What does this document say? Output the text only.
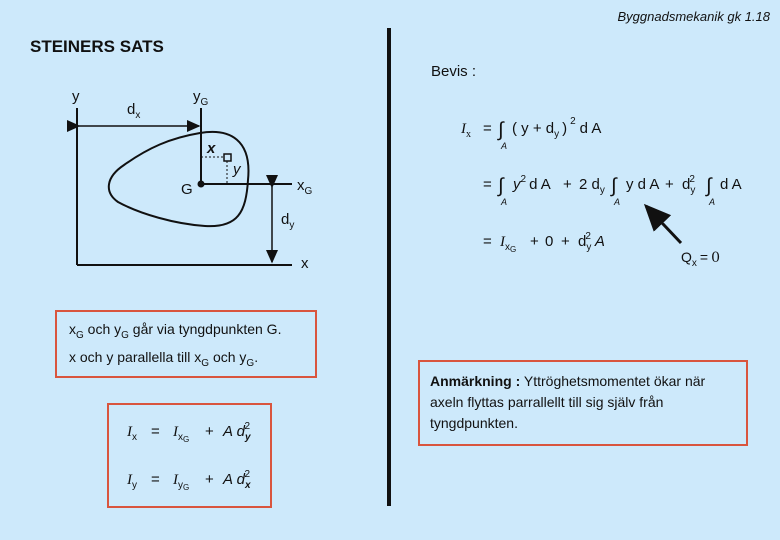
Byggnadsmekanik gk 1.18
STEINERS SATS
y	$y_G$
$d_x$
x
y
G	$x_G$
$d_y$
x
Bevis :
$I_x$ = ∫
A
( $y + d_y$ ) $^2$ d A
= ∫
A
$y^2$ d A + 2 $d_y$ ∫
A
y d $A + d_y2$ ∫
A
d A
= $I_xG + 0 + d_y2$ A
$Q_x = 0$
$x_G$ och $y_G$ går via tyngdpunkten G.
x och y parallella till $x_G$ och $y_G$.
$I_x = I_xG + A$ $d_y2$
$I_y = I_yG + A$ $d_x2$
Anmärkning : Yttröghetsmomentet ökar när axeln flyttas parrallellt till sig själv från tyngdpunkten.
